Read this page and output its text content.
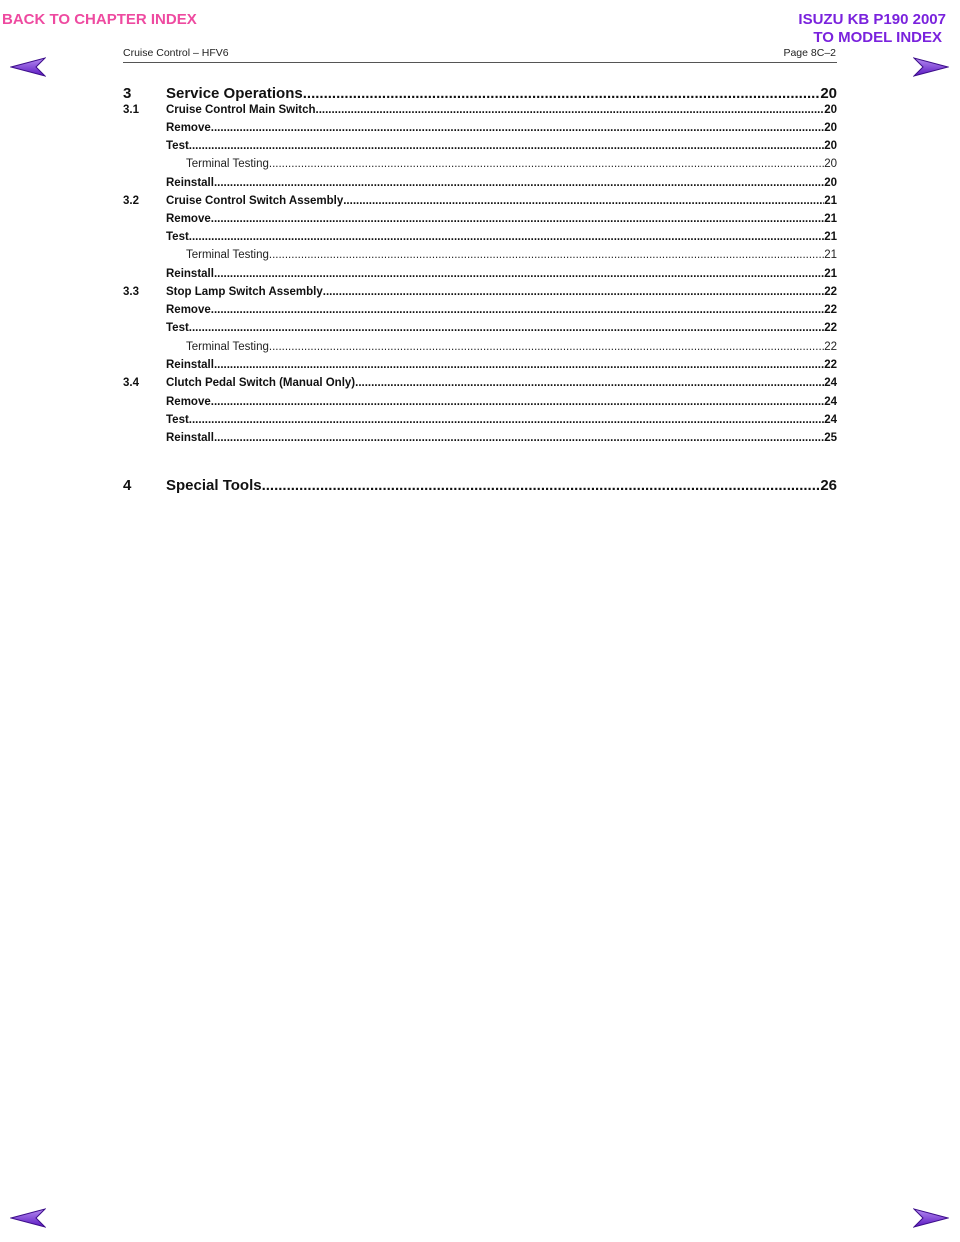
BACK TO CHAPTER INDEX	ISUZU KB P190 2007
TO MODEL INDEX
Cruise Control – HFV6	Page 8C–2
3	Service Operations .....	20
3.1	Cruise Control Main Switch .....	20
Remove .....	20
Test .....	20
Terminal Testing .....	20
Reinstall .....	20
3.2	Cruise Control Switch Assembly .....	21
Remove .....	21
Test .....	21
Terminal Testing .....	21
Reinstall .....	21
3.3	Stop Lamp Switch Assembly .....	22
Remove .....	22
Test .....	22
Terminal Testing .....	22
Reinstall .....	22
3.4	Clutch Pedal Switch (Manual Only) .....	24
Remove .....	24
Test .....	24
Reinstall .....	25
4	Special Tools .....	26
